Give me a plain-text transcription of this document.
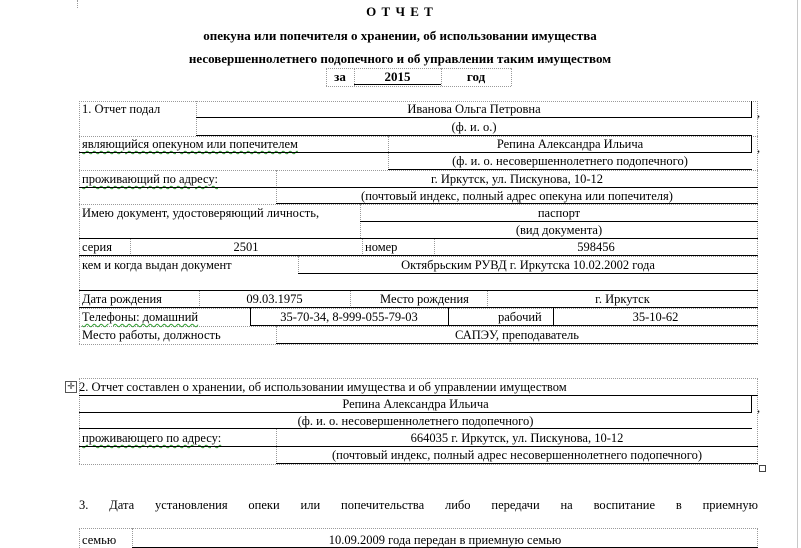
О Т Ч Е Т
опекуна или попечителя о хранении, об использовании имущества
несовершеннолетнего подопечного и об управлении таким имуществом
за	2015	год
1. Отчет подал	Иванова Ольга Петровна	,
(ф. и. о.)
являющийся опекуном или попечителем	Репина Александра Ильича	,
(ф. и. о. несовершеннолетнего подопечного)
проживающий по адресу:	г. Иркутск, ул. Пискунова, 10-12
(почтовый индекс, полный адрес опекуна или попечителя)
Имею документ, удостоверяющий личность,	паспорт
(вид документа)
серия	2501	номер	598456
кем и когда выдан документ	Октябрьским РУВД г. Иркутска 10.02.2002 года
Дата рождения	09.03.1975	Место рождения	г. Иркутск
Телефоны: домашний	35-70-34, 8-999-055-79-03	рабочий	35-10-62
Место работы, должность	САПЭУ, преподаватель
✛ 2. Отчет составлен о хранении, об использовании имущества и об управлении имуществом
Репина Александра Ильича	,
(ф. и. о. несовершеннолетнего подопечного)
проживающего по адресу:	664035 г. Иркутск, ул. Пискунова, 10-12
(почтовый индекс, полный адрес несовершеннолетнего подопечного)
3. Дата установления опеки или попечительства либо передачи на воспитание в приемную
семью	10.09.2009 года передан в приемную семью
